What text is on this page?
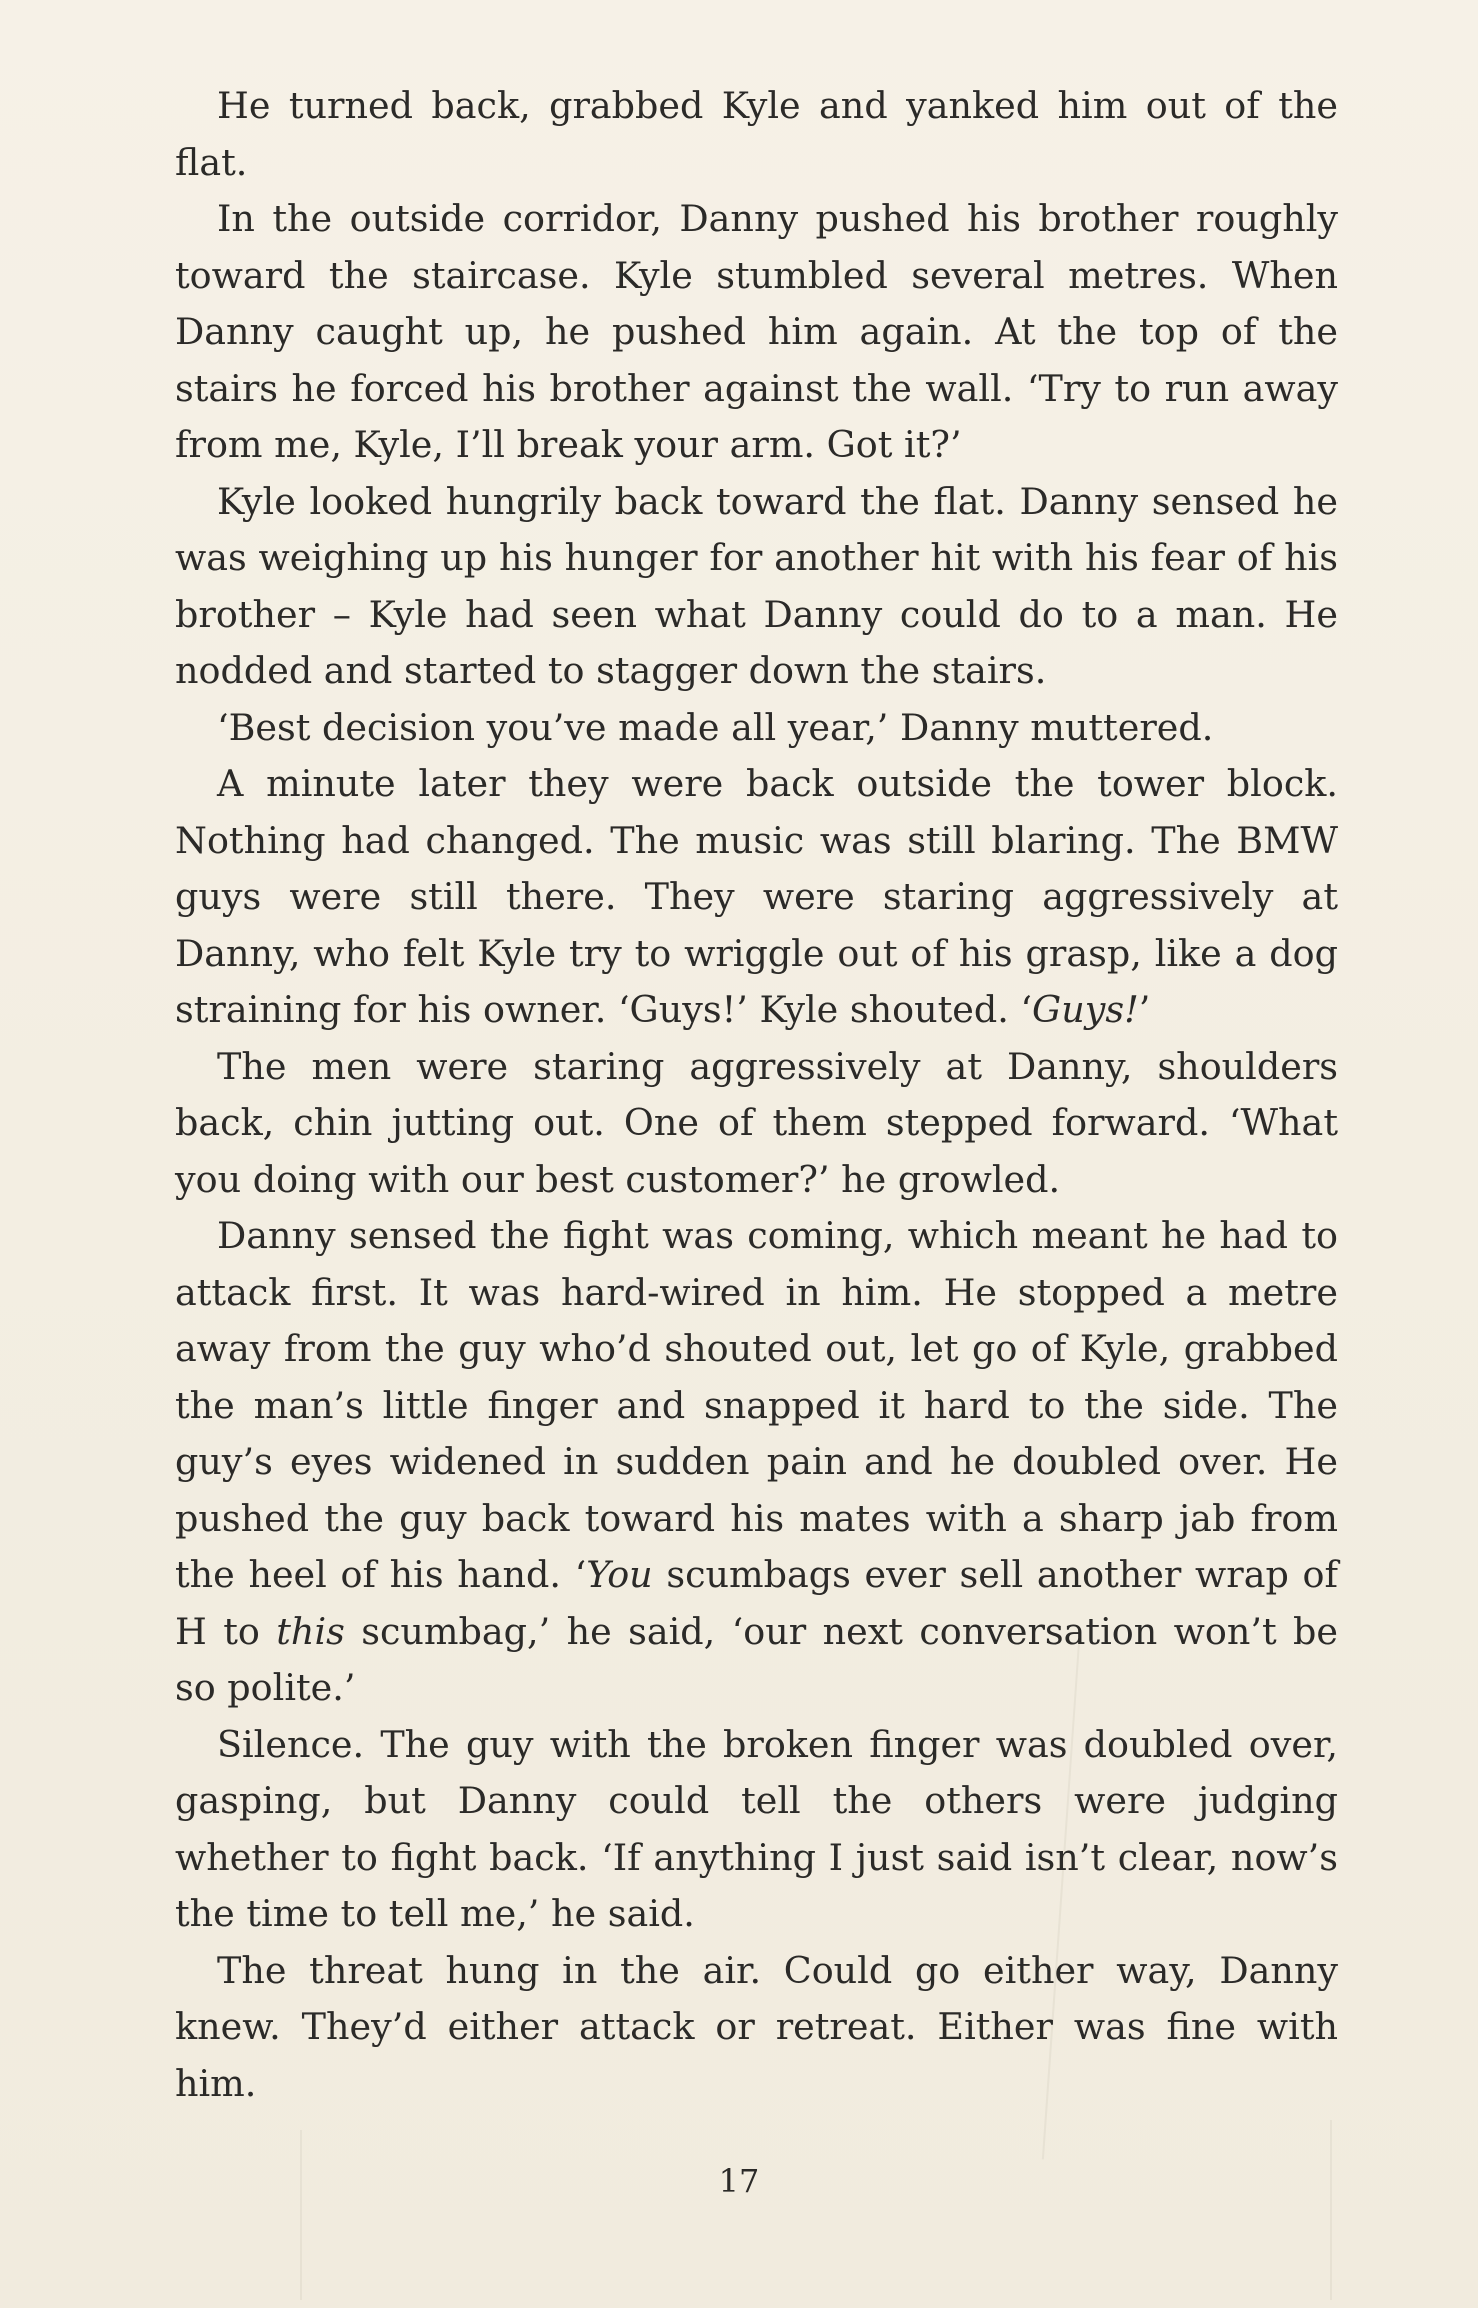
He turned back, grabbed Kyle and yanked him out of the flat.

In the outside corridor, Danny pushed his brother roughly toward the staircase. Kyle stumbled several metres. When Danny caught up, he pushed him again. At the top of the stairs he forced his brother against the wall. ‘Try to run away from me, Kyle, I’ll break your arm. Got it?’

Kyle looked hungrily back toward the flat. Danny sensed he was weighing up his hunger for another hit with his fear of his brother – Kyle had seen what Danny could do to a man. He nodded and started to stagger down the stairs.

‘Best decision you’ve made all year,’ Danny muttered.

A minute later they were back outside the tower block. Nothing had changed. The music was still blaring. The BMW guys were still there. They were staring aggressively at Danny, who felt Kyle try to wriggle out of his grasp, like a dog straining for his owner. ‘Guys!’ Kyle shouted. ‘Guys!’

The men were staring aggressively at Danny, shoulders back, chin jutting out. One of them stepped forward. ‘What you doing with our best customer?’ he growled.

Danny sensed the fight was coming, which meant he had to attack first. It was hard-wired in him. He stopped a metre away from the guy who’d shouted out, let go of Kyle, grabbed the man’s little finger and snapped it hard to the side. The guy’s eyes widened in sudden pain and he doubled over. He pushed the guy back toward his mates with a sharp jab from the heel of his hand. ‘You scumbags ever sell another wrap of H to this scumbag,’ he said, ‘our next conversation won’t be so polite.’

Silence. The guy with the broken finger was doubled over, gasping, but Danny could tell the others were judging whether to fight back. ‘If anything I just said isn’t clear, now’s the time to tell me,’ he said.

The threat hung in the air. Could go either way, Danny knew. They’d either attack or retreat. Either was fine with him.

17
